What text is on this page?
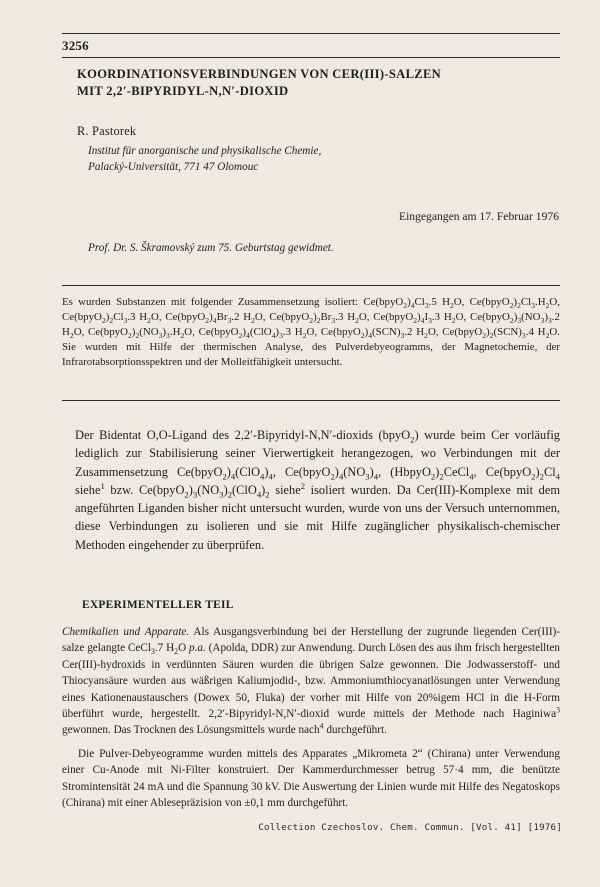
3256
KOORDINATIONSVERBINDUNGEN VON CER(III)-SALZEN
MIT 2,2′-BIPYRIDYL-N,N′-DIOXID
R. Pastorek
Institut für anorganische und physikalische Chemie,
Palacký-Universität, 771 47 Olomouc
Eingegangen am 17. Februar 1976
Prof. Dr. S. Škramovský zum 75. Geburtstag gewidmet.
Es wurden Substanzen mit folgender Zusammensetzung isoliert: $Ce(bpyO_2)_4Cl_3.5$ $H_2O$, $Ce(bpyO_2)_2Cl_3.H_2O$, $Ce(bpyO_2)_2Cl_3.3$ $H_2O$, $Ce(bpyO_2)_4Br_3.2$ $H_2O$, $Ce(bpyO_2)_2Br_3.3$ $H_2O$, $Ce(bpyO_2)_4I_3.3$ $H_2O$, $Ce(bpyO_2)_3(NO_3)_3.2$ $H_2O$, $Ce(bpyO_2)_2(NO_3)_3.H_2O$, $Ce(bpyO_2)_4(ClO_4)_3.3$ $H_2O$, $Ce(bpyO_2)_4(SCN)_3.2$ $H_2O$, $Ce(bpyO_2)_2(SCN)_3.4$ $H_2O$. Sie wurden mit Hilfe der thermischen Analyse, des Pulverdebyeogramms, der Magnetochemie, der Infrarotabsorptionsspektren und der Molleitfähigkeit untersucht.
Der Bidentat O,O-Ligand des 2,2′-Bipyridyl-N,N′-dioxids (bpyO$_2$) wurde beim Cer vorläufig lediglich zur Stabilisierung seiner Vierwertigkeit herangezogen, wo Verbindungen mit der Zusammensetzung $Ce(bpyO_2)_4(ClO_4)_4$, $Ce(bpyO_2)_4(NO_3)_4$, $(HbpyO_2)_2CeCl_4$, $Ce(bpyO_2)_2Cl_4$ siehe$^1$ bzw. $Ce(bpyO_2)_3(NO_3)_2(ClO_4)_2$ siehe$^2$ isoliert wurden. Da Cer(III)-Komplexe mit dem angeführten Liganden bisher nicht untersucht wurden, wurde von uns der Versuch unternommen, diese Verbindungen zu isolieren und sie mit Hilfe zugänglicher physikalisch-chemischer Methoden eingehender zu überprüfen.
EXPERIMENTELLER TEIL
Chemikalien und Apparate. Als Ausgangsverbindung bei der Herstellung der zugrunde liegenden Cer(III)-salze gelangte CeCl$_3$.7 $H_2O$ p.a. (Apolda, DDR) zur Anwendung. Durch Lösen des aus ihm frisch hergestellten Cer(III)-hydroxids in verdünnten Säuren wurden die übrigen Salze gewonnen. Die Jodwasserstoff- und Thiocyansäure wurden aus wäßrigen Kaliumjodid-, bzw. Ammoniumthiocyanatlösungen unter Verwendung eines Kationenaustauschers (Dowex 50, Fluka) der vorher mit Hilfe von 20%igem HCl in die H-Form überführt wurde, hergestellt. 2,2′-Bipyridyl-N,N′-dioxid wurde mittels der Methode nach Haginiwa$^3$ gewonnen. Das Trocknen des Lösungsmittels wurde nach$^4$ durchgeführt.
Die Pulver-Debyeogramme wurden mittels des Apparates „Mikrometa 2“ (Chirana) unter Verwendung einer Cu-Anode mit Ni-Filter konstruiert. Der Kammerdurchmesser betrug 57·4 mm, die benützte Stromintensität 24 mA und die Spannung 30 kV. Die Auswertung der Linien wurde mit Hilfe des Negatoskops (Chirana) mit einer Ablesepräzision von ±0,1 mm durchgeführt.
Collection Czechoslov. Chem. Commun. [Vol. 41] [1976]
